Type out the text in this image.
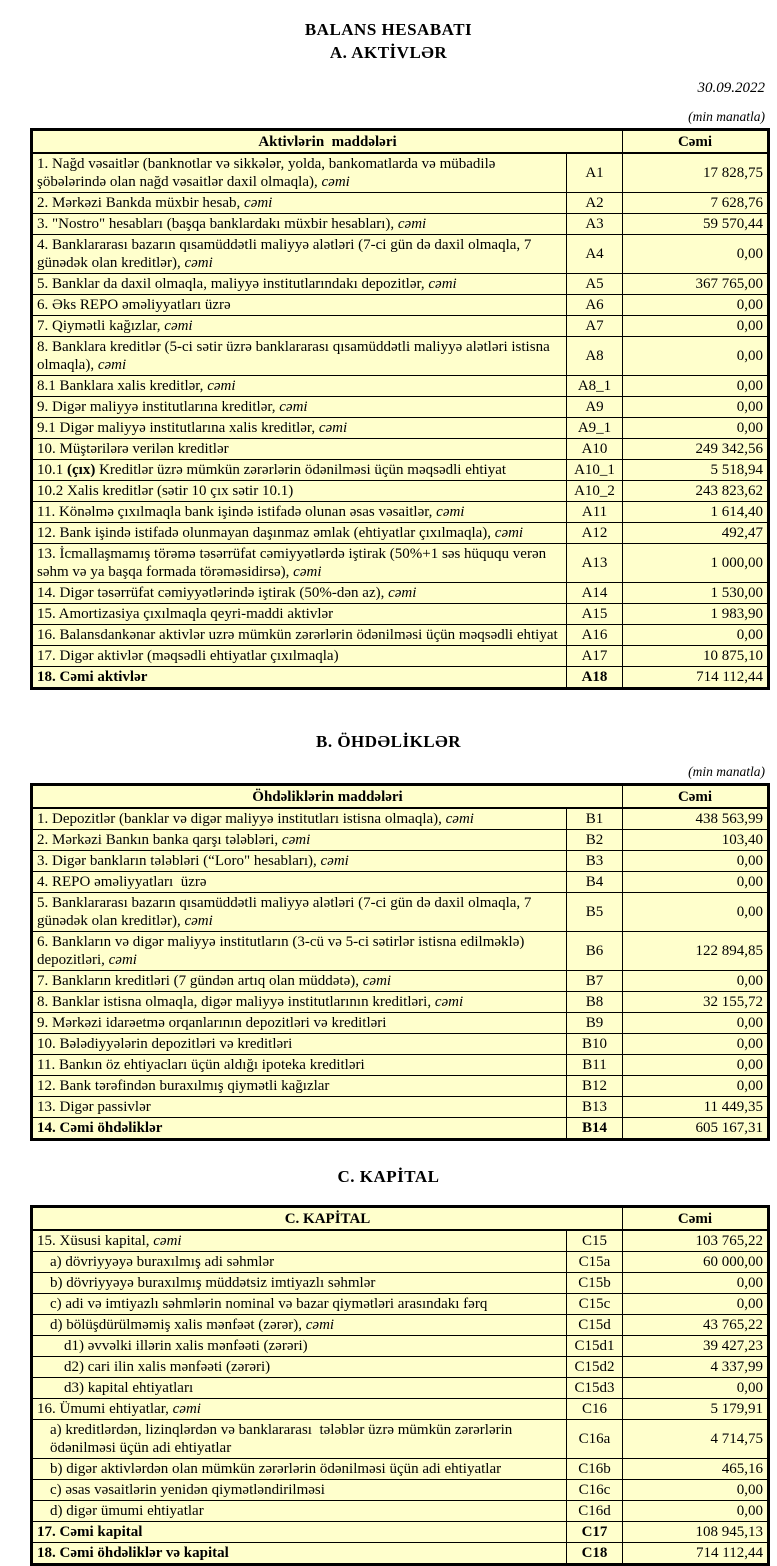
BALANS HESABATI
A. AKTİVLƏR
30.09.2022
(min manatla)
Aktivlərin  maddələri		Cəmi
1. Nağd vəsaitlər (banknotlar və sikkələr, yolda, bankomatlarda və mübadilə şöbələrində olan nağd vəsaitlər daxil olmaqla), cəmi	A1	17 828,75
2. Mərkəzi Bankda müxbir hesab, cəmi	A2	7 628,76
3. "Nostro" hesabları (başqa banklardakı müxbir hesabları), cəmi	A3	59 570,44
4. Banklararası bazarın qısamüddətli maliyyə alətləri (7-ci gün də daxil olmaqla, 7 günədək olan kreditlər), cəmi	A4	0,00
5. Banklar da daxil olmaqla, maliyyə institutlarındakı depozitlər, cəmi	A5	367 765,00
6. Əks REPO əməliyyatları üzrə	A6	0,00
7. Qiymətli kağızlar, cəmi	A7	0,00
8. Banklara kreditlər (5-ci sətir üzrə banklararası qısamüddətli maliyyə alətləri istisna olmaqla), cəmi	A8	0,00
8.1 Banklara xalis kreditlər, cəmi	A8_1	0,00
9. Digər maliyyə institutlarına kreditlər, cəmi	A9	0,00
9.1 Digər maliyyə institutlarına xalis kreditlər, cəmi	A9_1	0,00
10. Müştərilərə verilən kreditlər	A10	249 342,56
10.1 (çıx) Kreditlər üzrə mümkün zərərlərin ödənilməsi üçün məqsədli ehtiyat	A10_1	5 518,94
10.2 Xalis kreditlər (sətir 10 çıx sətir 10.1)	A10_2	243 823,62
11. Könəlmə çıxılmaqla bank işində istifadə olunan əsas vəsaitlər, cəmi	A11	1 614,40
12. Bank işində istifadə olunmayan daşınmaz əmlak (ehtiyatlar çıxılmaqla), cəmi	A12	492,47
13. İcmallaşmamış törəmə təsərrüfat cəmiyyətlərdə iştirak (50%+1 səs hüququ verən səhm və ya başqa formada törəməsidirsə), cəmi	A13	1 000,00
14. Digər təsərrüfat cəmiyyətlərində iştirak (50%-dən az), cəmi	A14	1 530,00
15. Amortizasiya çıxılmaqla qeyri-maddi aktivlər	A15	1 983,90
16. Balansdankənar aktivlər uzrə mümkün zərərlərin ödənilməsi üçün məqsədli ehtiyat	A16	0,00
17. Digər aktivlər (məqsədli ehtiyatlar çıxılmaqla)	A17	10 875,10
18. Cəmi aktivlər	A18	714 112,44
B. ÖHDƏLİKLƏR
(min manatla)
Öhdəliklərin maddələri		Cəmi
1. Depozitlər (banklar və digər maliyyə institutları istisna olmaqla), cəmi	B1	438 563,99
2. Mərkəzi Bankın banka qarşı tələbləri, cəmi	B2	103,40
3. Digər bankların tələbləri (“Loro" hesabları), cəmi	B3	0,00
4. REPO əməliyyatları  üzrə	B4	0,00
5. Banklararası bazarın qısamüddətli maliyyə alətləri (7-ci gün də daxil olmaqla, 7 günədək olan kreditlər), cəmi	B5	0,00
6. Bankların və digər maliyyə institutların (3-cü və 5-ci sətirlər istisna edilməklə) depozitləri, cəmi	B6	122 894,85
7. Bankların kreditləri (7 gündən artıq olan müddətə), cəmi	B7	0,00
8. Banklar istisna olmaqla, digər maliyyə institutlarının kreditləri, cəmi	B8	32 155,72
9. Mərkəzi idarəetmə orqanlarının depozitləri və kreditləri	B9	0,00
10. Bələdiyyələrin depozitləri və kreditləri	B10	0,00
11. Bankın öz ehtiyacları üçün aldığı ipoteka kreditləri	B11	0,00
12. Bank tərəfindən buraxılmış qiymətli kağızlar	B12	0,00
13. Digər passivlər	B13	11 449,35
14. Cəmi öhdəliklər	B14	605 167,31
C. KAPİTAL
C. KAPİTAL		Cəmi
15. Xüsusi kapital, cəmi	C15	103 765,22
a) dövriyyəyə buraxılmış adi səhmlər	C15a	60 000,00
b) dövriyyəyə buraxılmış müddətsiz imtiyazlı səhmlər	C15b	0,00
c) adi və imtiyazlı səhmlərin nominal və bazar qiymətləri arasındakı fərq	C15c	0,00
d) bölüşdürülməmiş xalis mənfəət (zərər), cəmi	C15d	43 765,22
d1) əvvəlki illərin xalis mənfəəti (zərəri)	C15d1	39 427,23
d2) cari ilin xalis mənfəəti (zərəri)	C15d2	4 337,99
d3) kapital ehtiyatları	C15d3	0,00
16. Ümumi ehtiyatlar, cəmi	C16	5 179,91
a) kreditlərdən, lizinqlərdən və banklararası  tələblər üzrə mümkün zərərlərin ödənilməsi üçün adi ehtiyatlar	C16a	4 714,75
b) digər aktivlərdən olan mümkün zərərlərin ödənilməsi üçün adi ehtiyatlar	C16b	465,16
c) əsas vəsaitlərin yenidən qiymətləndirilməsi	C16c	0,00
d) digər ümumi ehtiyatlar	C16d	0,00
17. Cəmi kapital	C17	108 945,13
18. Cəmi öhdəliklər və kapital	C18	714 112,44
